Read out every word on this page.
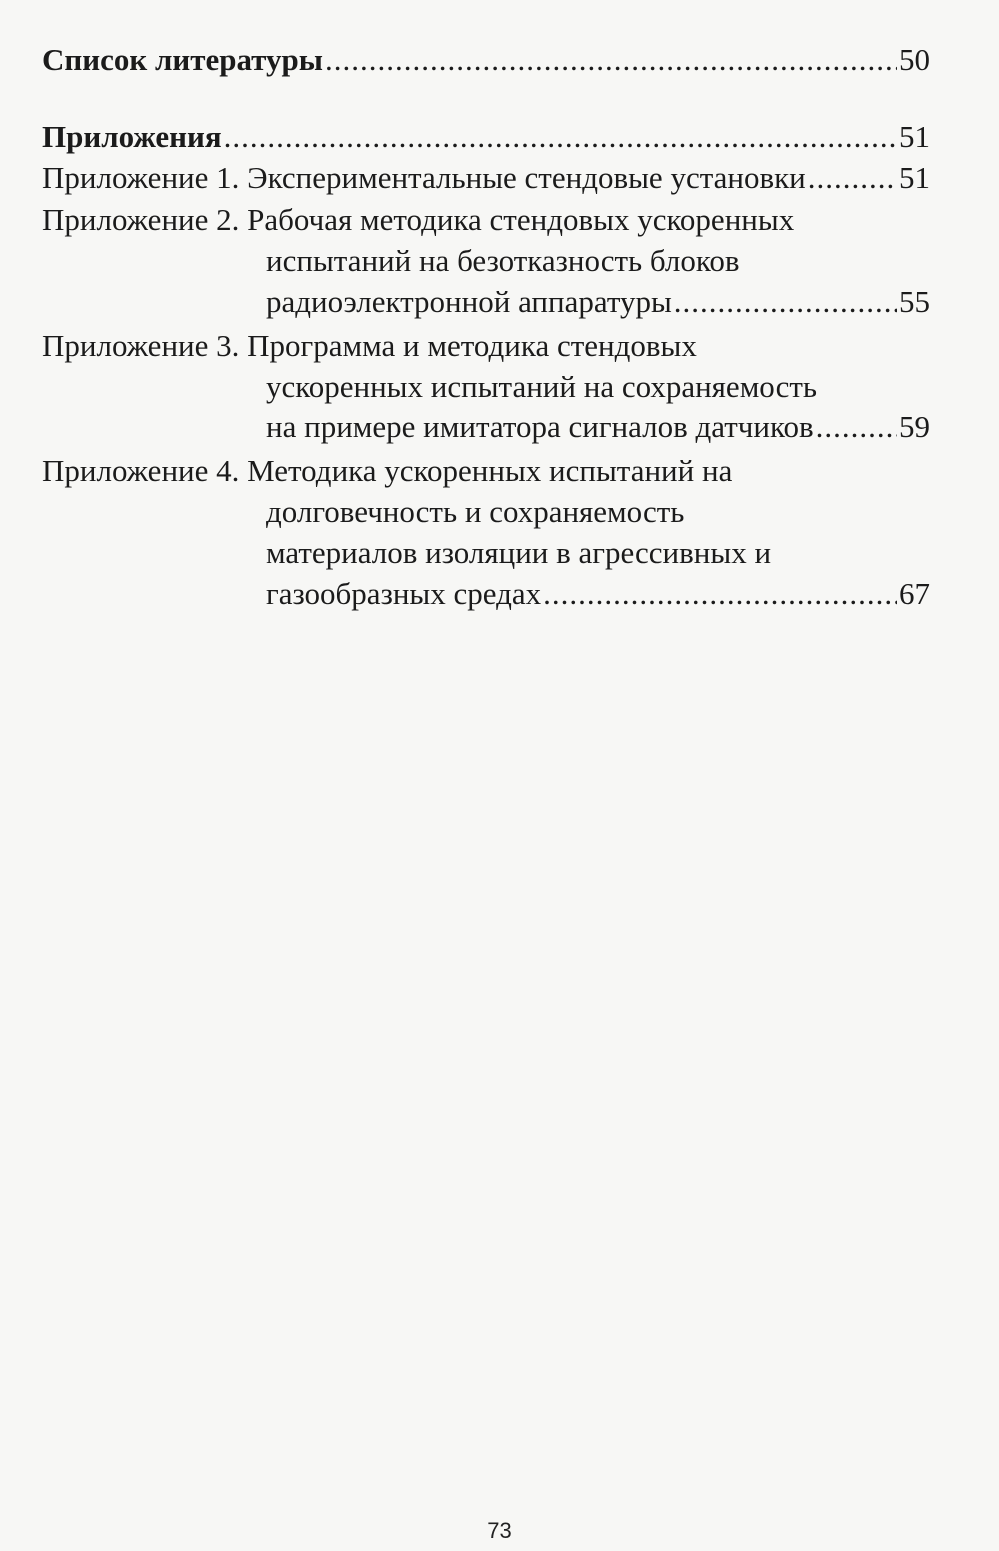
Список литературы .....	50
Приложения .....	51
Приложение 1. Экспериментальные стендовые установки .....	51
Приложение 2. Рабочая методика стендовых ускоренных
испытаний на безотказность блоков
радиоэлектронной аппаратуры .....	55
Приложение 3. Программа и методика стендовых
ускоренных испытаний на сохраняемость
на примере имитатора сигналов датчиков .....	59
Приложение 4. Методика ускоренных испытаний на
долговечность и сохраняемость
материалов изоляции в агрессивных и
газообразных средах .....	67
73
